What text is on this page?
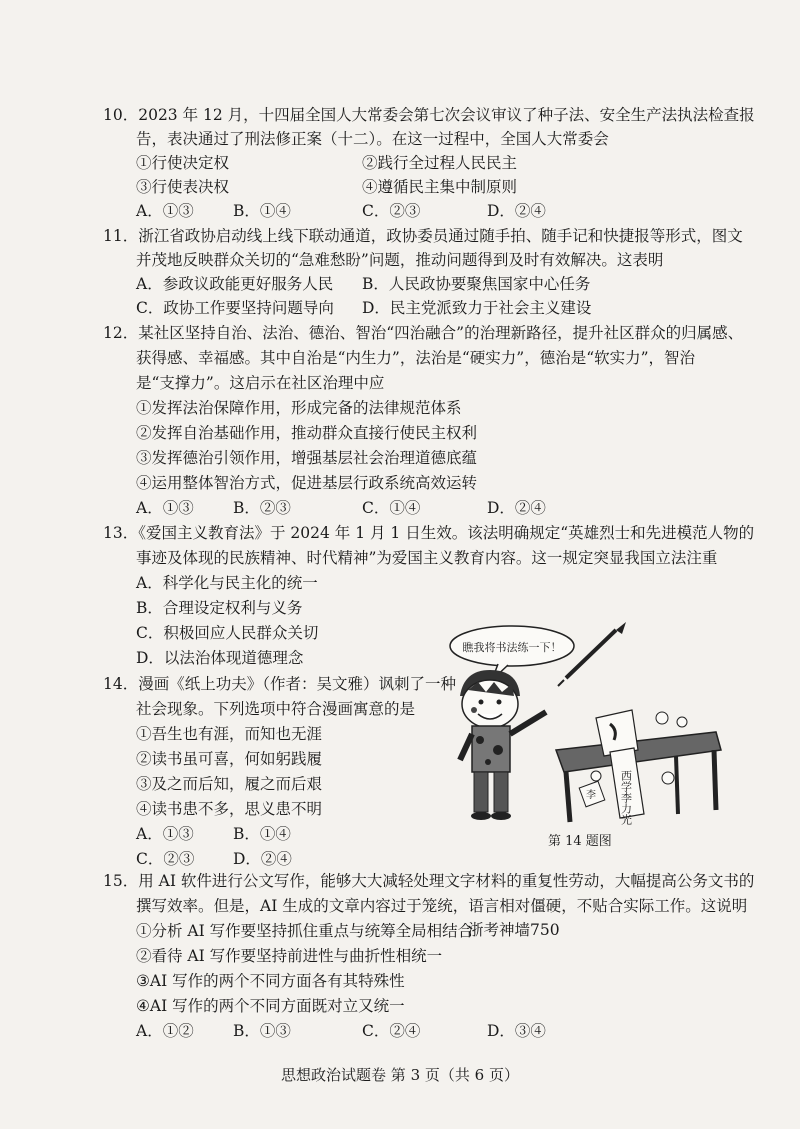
10．2023 年 12 月，十四届全国人大常委会第七次会议审议了种子法、安全生产法执法检查报
告，表决通过了刑法修正案（十二）。在这一过程中，全国人大常委会
①行使决定权	②践行全过程人民民主
③行使表决权	④遵循民主集中制原则
A．①③	B．①④	C．②③	D．②④
11．浙江省政协启动线上线下联动通道，政协委员通过随手拍、随手记和快捷报等形式，图文
并茂地反映群众关切的“急难愁盼”问题，推动问题得到及时有效解决。这表明
A．参政议政能更好服务人民 B．人民政协要聚焦国家中心任务
C．政协工作要坚持问题导向 D．民主党派致力于社会主义建设
12．某社区坚持自治、法治、德治、智治“四治融合”的治理新路径，提升社区群众的归属感、
获得感、幸福感。其中自治是“内生力”，法治是“硬实力”，德治是“软实力”，智治
是“支撑力”。这启示在社区治理中应
①发挥法治保障作用，形成完备的法律规范体系
②发挥自治基础作用，推动群众直接行使民主权利
③发挥德治引领作用，增强基层社会治理道德底蕴
④运用整体智治方式，促进基层行政系统高效运转
A．①③	B．②③	C．①④	D．②④
13．《爱国主义教育法》于 2024 年 1 月 1 日生效。该法明确规定“英雄烈士和先进模范人物的
事迹及体现的民族精神、时代精神”为爱国主义教育内容。这一规定突显我国立法注重
A．科学化与民主化的统一
B．合理设定权利与义务
C．积极回应人民群众关切
D．以法治体现道德理念
14．漫画《纸上功夫》（作者：吴文雅）讽刺了一种
社会现象。下列选项中符合漫画寓意的是
①吾生也有涯，而知也无涯
②读书虽可喜，何如躬践履
③及之而后知，履之而后艰
④读书患不多，思义患不明
A．①③	B．①④
C．②③ D．②④
瞧我将书法练一下！
西学李力光
李
第 14 题图
15．用 AI 软件进行公文写作，能够大大减轻处理文字材料的重复性劳动，大幅提高公务文书的
撰写效率。但是，AI 生成的文章内容过于笼统，语言相对僵硬，不贴合实际工作。这说明
①分析 AI 写作要坚持抓住重点与统筹全局相结合
浙考神墙750
②看待 AI 写作要坚持前进性与曲折性相统一
③AI 写作的两个不同方面各有其特殊性
④AI 写作的两个不同方面既对立又统一
A．①②	B．①③	C．②④	D．③④
思想政治试题卷 第 3 页（共 6 页）
